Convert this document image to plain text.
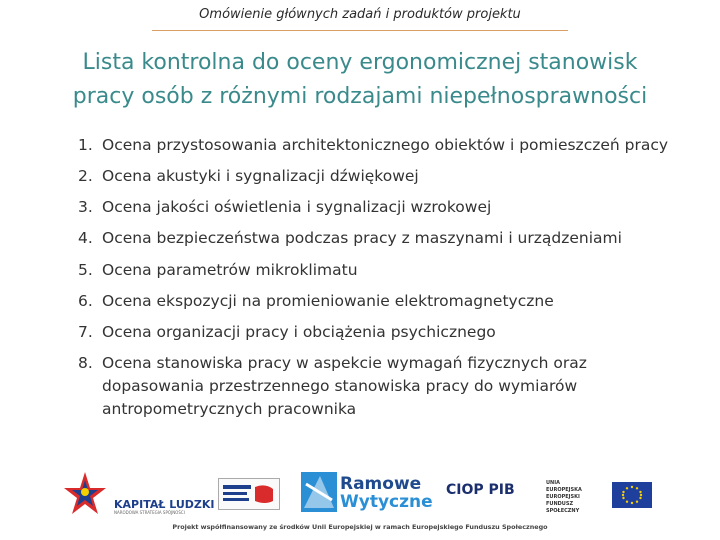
Omówienie głównych zadań i produktów projektu
Lista kontrolna do oceny ergonomicznej stanowisk
pracy osób z różnymi rodzajami niepełnosprawności
1. Ocena przystosowania architektonicznego obiektów i pomieszczeń pracy
2. Ocena akustyki i sygnalizacji dźwiękowej
3. Ocena jakości oświetlenia i sygnalizacji wzrokowej
4. Ocena bezpieczeństwa podczas pracy z maszynami i urządzeniami
5. Ocena parametrów mikroklimatu
6. Ocena ekspozycji na promieniowanie elektromagnetyczne
7. Ocena organizacji pracy i obciążenia psychicznego
8. Ocena stanowiska pracy w aspekcie wymagań fizycznych oraz dopasowania przestrzennego stanowiska pracy do wymiarów antropometrycznych pracownika
KAPITAŁ LUDZKI
NARODOWA STRATEGIA SPÓJNOŚCI
Ramowe
Wytyczne
CIOP PIB	UNIA EUROPEJSKA EUROPEJSKI FUNDUSZ SPOŁECZNY
Projekt współfinansowany ze środków Unii Europejskiej w ramach Europejskiego Funduszu Społecznego
